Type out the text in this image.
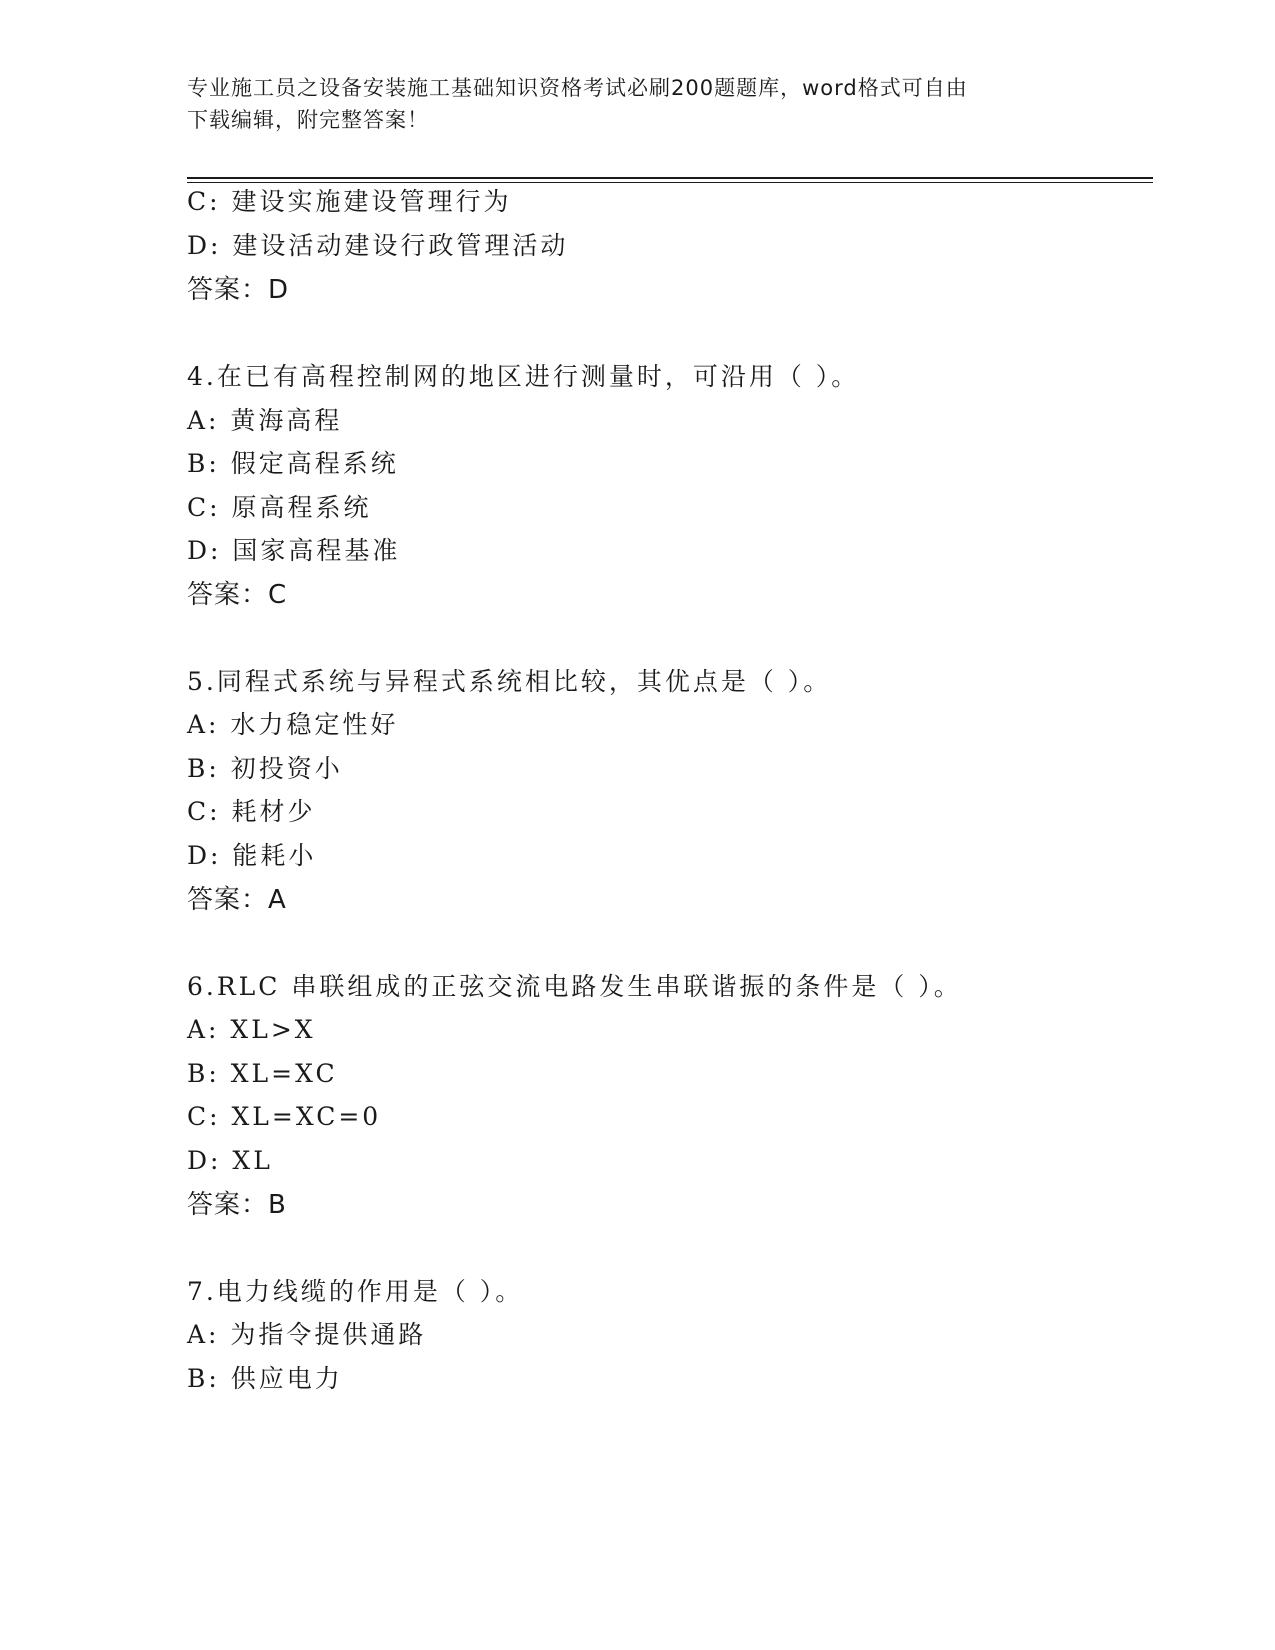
专业施工员之设备安装施工基础知识资格考试必刷200题题库，word格式可自由
下载编辑，附完整答案！
C: 建设实施建设管理行为
D: 建设活动建设行政管理活动
答案：D
4.在已有高程控制网的地区进行测量时，可沿用（ ）。
A: 黄海高程
B: 假定高程系统
C: 原高程系统
D: 国家高程基准
答案：C
5.同程式系统与异程式系统相比较，其优点是（ ）。
A: 水力稳定性好
B: 初投资小
C: 耗材少
D: 能耗小
答案：A
6.RLC 串联组成的正弦交流电路发生串联谐振的条件是（ ）。
A: XL>X
B: XL=XC
C: XL=XC=0
D: XL
答案：B
7.电力线缆的作用是（ ）。
A: 为指令提供通路
B: 供应电力
